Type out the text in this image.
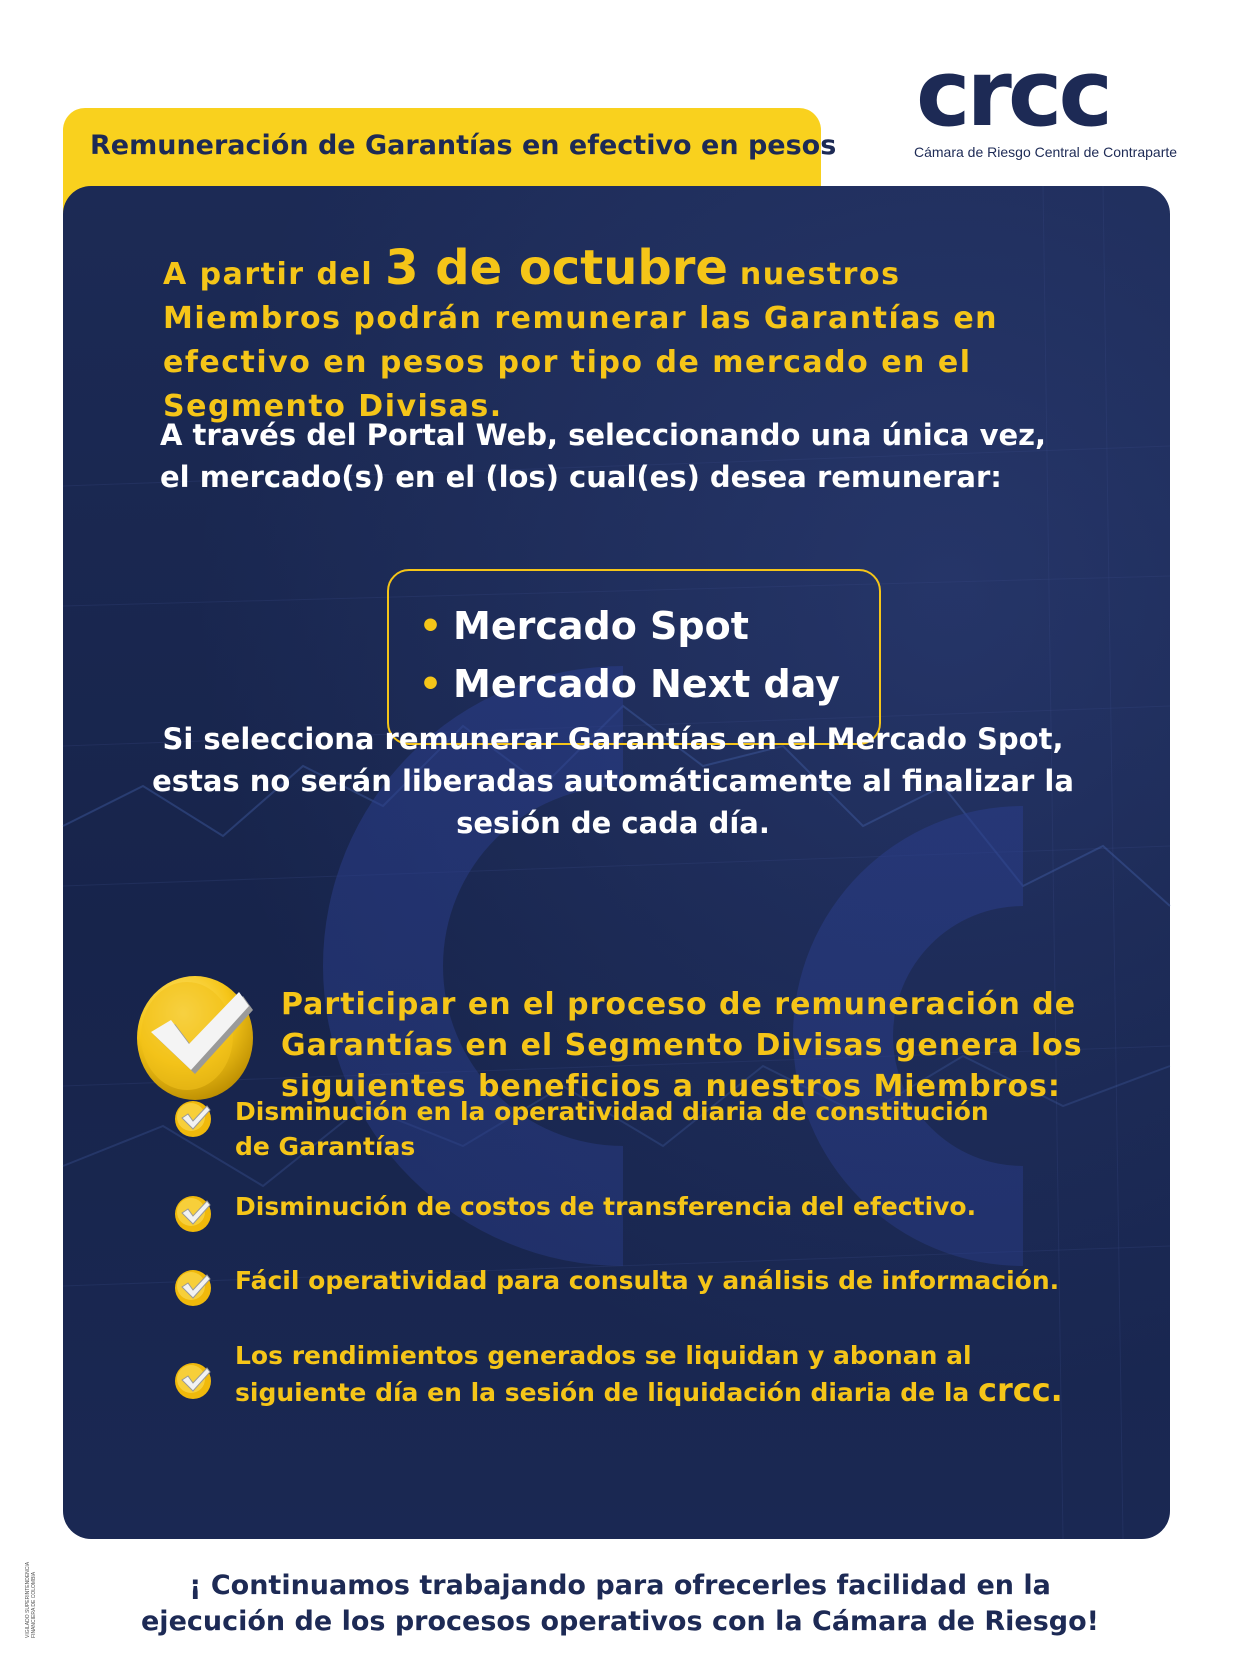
crcc
Cámara de Riesgo Central de Contraparte
Remuneración de Garantías en efectivo en pesos
A partir del 3 de octubre nuestros Miembros podrán remunerar las Garantías en efectivo en pesos por tipo de mercado en el Segmento Divisas.
A través del Portal Web, seleccionando una única vez, el mercado(s) en el (los) cual(es) desea remunerar:
• Mercado Spot
• Mercado Next day
Si selecciona remunerar Garantías en el Mercado Spot, estas no serán liberadas automáticamente al finalizar la sesión de cada día.
Participar en el proceso de remuneración de Garantías en el Segmento Divisas genera los siguientes beneficios a nuestros Miembros:
Disminución en la operatividad diaria de constitución de Garantías
Disminución de costos de transferencia del efectivo.
Fácil operatividad para consulta y análisis de información.
Los rendimientos generados se liquidan y abonan al siguiente día en la sesión de liquidación diaria de la crcc.
VIGILADO SUPERINTENDENCIA FINANCIERA DE COLOMBIA	¡ Continuamos trabajando para ofrecerles facilidad en la ejecución de los procesos operativos con la Cámara de Riesgo!
